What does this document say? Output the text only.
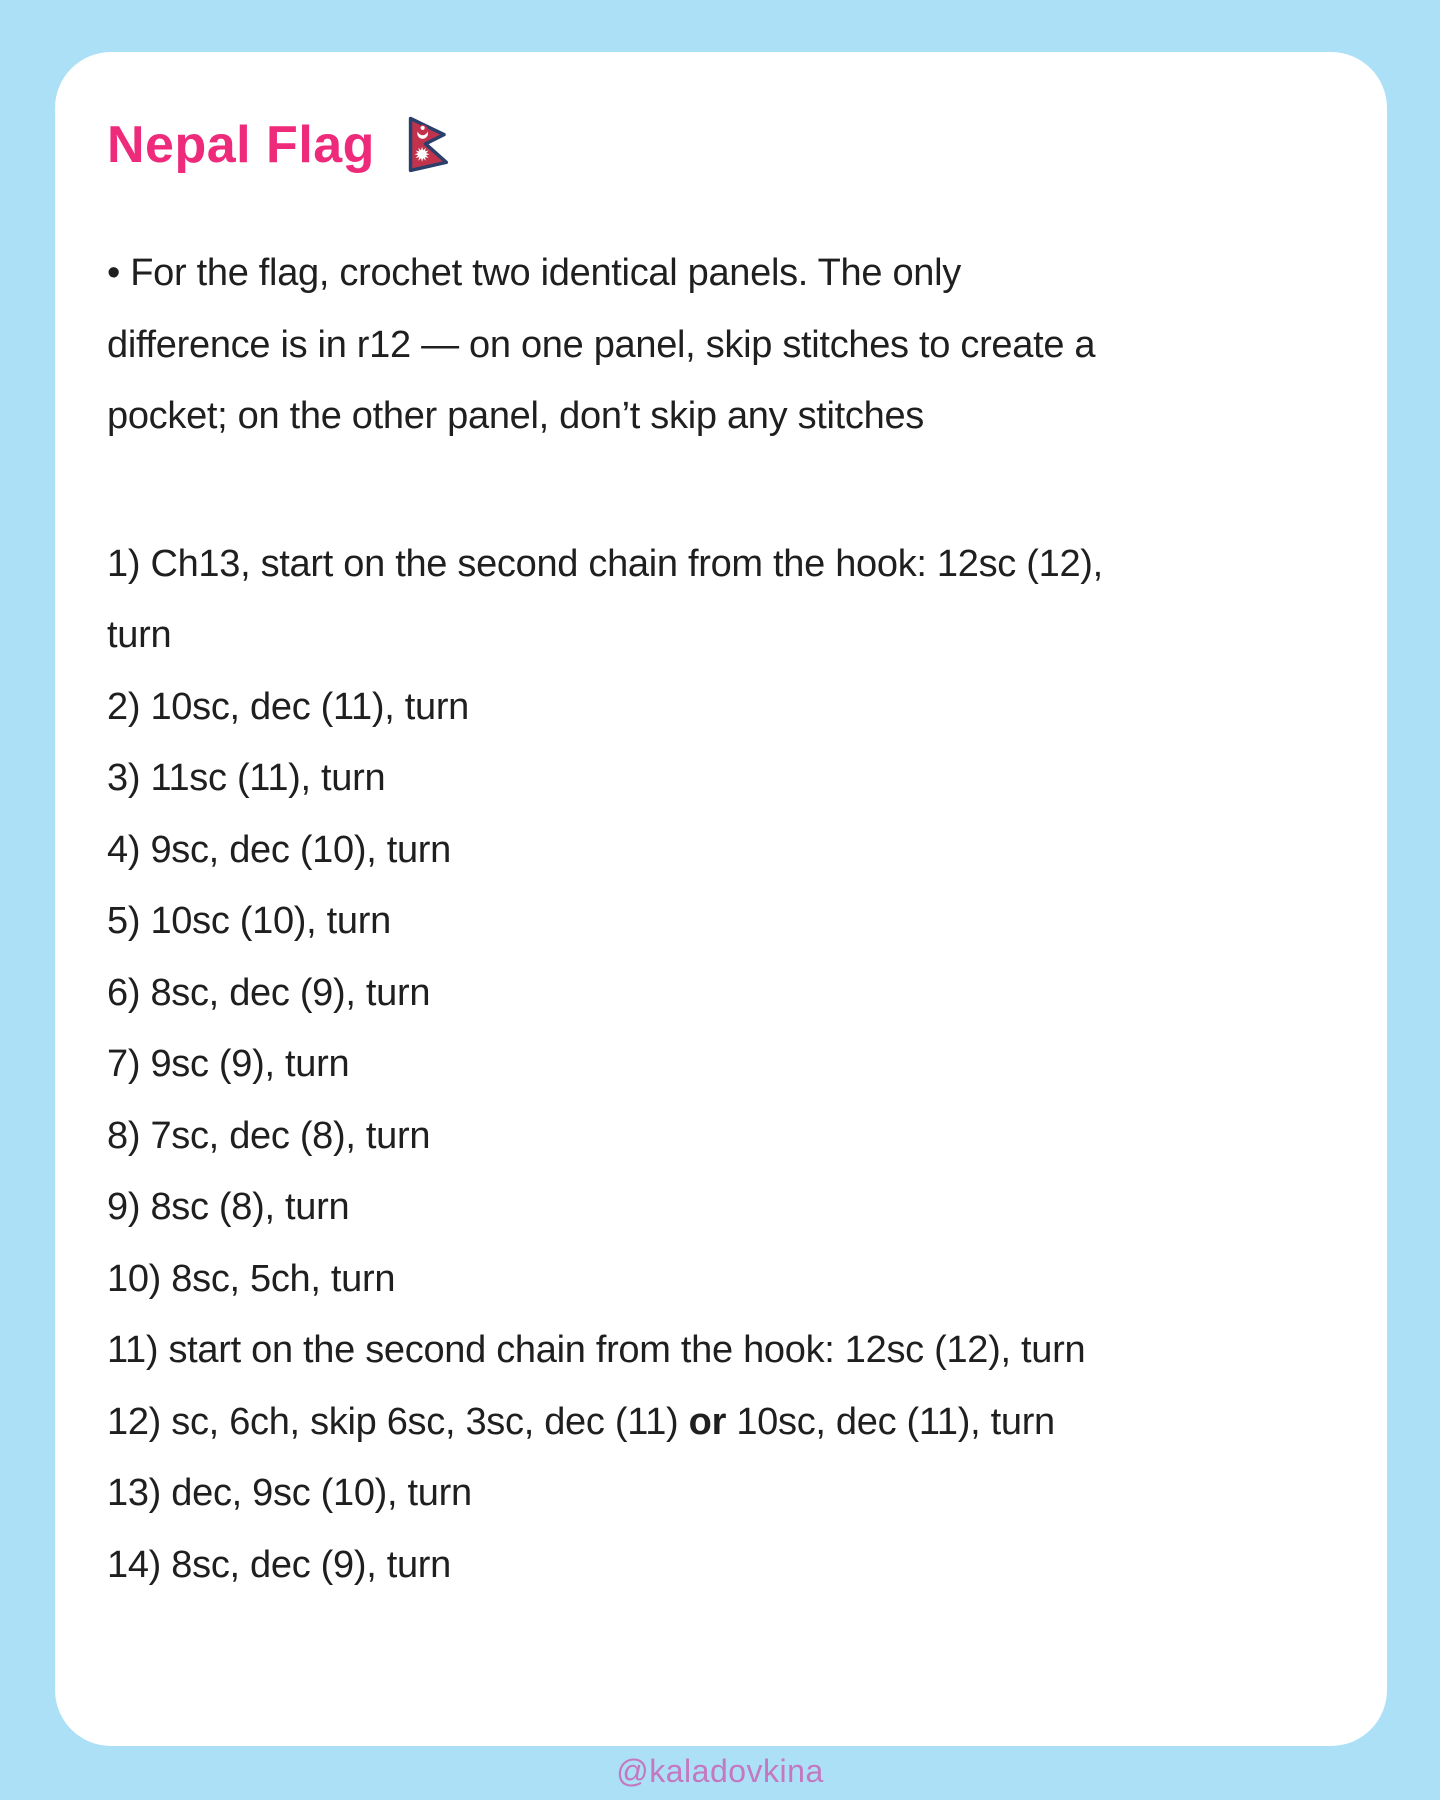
Nepal Flag
• For the flag, crochet two identical panels. The only
difference is in r12 — on one panel, skip stitches to create a
pocket; on the other panel, don’t skip any stitches
1) Ch13, start on the second chain from the hook: 12sc (12),
turn
2) 10sc, dec (11), turn
3) 11sc (11), turn
4) 9sc, dec (10), turn
5) 10sc (10), turn
6) 8sc, dec (9), turn
7) 9sc (9), turn
8) 7sc, dec (8), turn
9) 8sc (8), turn
10) 8sc, 5ch, turn
11) start on the second chain from the hook: 12sc (12), turn
12) sc, 6ch, skip 6sc, 3sc, dec (11) or 10sc, dec (11), turn
13) dec, 9sc (10), turn
14) 8sc, dec (9), turn
@kaladovkina
